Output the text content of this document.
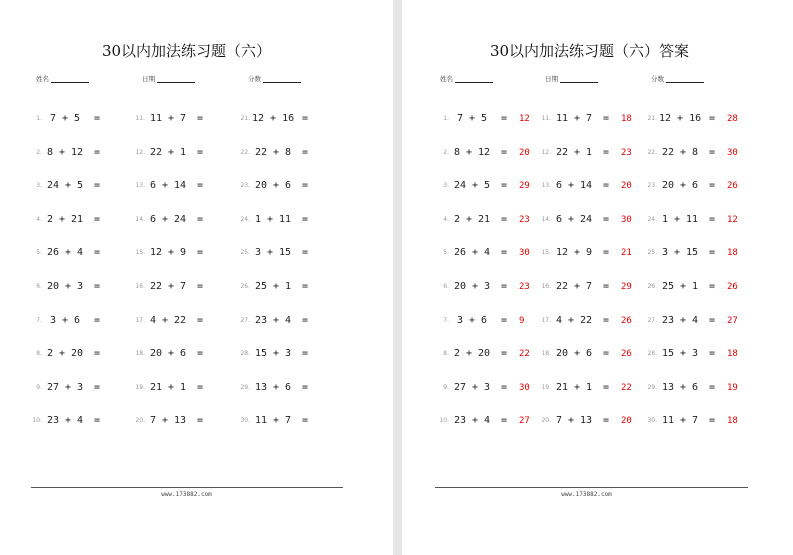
30以内加法练习题（六）
姓名	日期	分数
1. 7 + 5	=
2. 8 + 12 =
3. 24 + 5 =
4. 2 + 21 =
5. 26 + 4 =
6. 20 + 3 =
7. 3 + 6	=
8. 2 + 20 =
9. 27 + 3 =
10. 23 + 4 =
11. 11 + 7 =
12. 22 + 1 =
13. 6 + 14 =
14. 6 + 24 =
15. 12 + 9 =
16. 22 + 7 =
17. 4 + 22 =
18. 20 + 6 =
19. 21 + 1 =
20. 7 + 13 =
21. 12 + 16 =
22. 22 + 8 =
23. 20 + 6 =
24. 1 + 11 =
25. 3 + 15 =
26. 25 + 1 =
27. 23 + 4 =
28. 15 + 3 =
29. 13 + 6 =
30. 11 + 7 =
www.173882.com
30以内加法练习题（六）答案
姓名	日期	分数
1. 7 + 5	= 12
2. 8 + 12 = 20
3. 24 + 5 = 29
4. 2 + 21 = 23
5. 26 + 4 = 30
6. 20 + 3 = 23
7. 3 + 6	= 9
8. 2 + 20 = 22
9. 27 + 3 = 30
10. 23 + 4 = 27
11. 11 + 7 = 18
12. 22 + 1 = 23
13. 6 + 14 = 20
14. 6 + 24 = 30
15. 12 + 9 = 21
16. 22 + 7 = 29
17. 4 + 22 = 26
18. 20 + 6 = 26
19. 21 + 1 = 22
20. 7 + 13 = 20
21. 12 + 16 = 28
22. 22 + 8 = 30
23. 20 + 6 = 26
24. 1 + 11 = 12
25. 3 + 15 = 18
26. 25 + 1 = 26
27. 23 + 4 = 27
28. 15 + 3 = 18
29. 13 + 6 = 19
30. 11 + 7 = 18
www.173882.com
